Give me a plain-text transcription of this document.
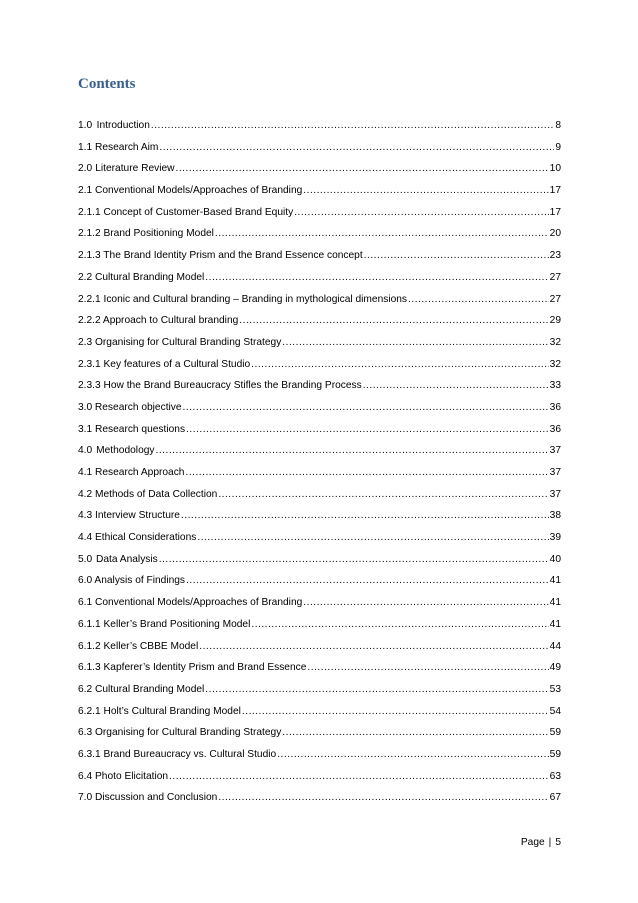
Contents
1.0 Introduction .....	8
1.1 Research Aim .....	9
2.0 Literature Review .....	10
2.1 Conventional Models/Approaches of Branding .....	17
2.1.1 Concept of Customer-Based Brand Equity .....	17
2.1.2 Brand Positioning Model .....	20
2.1.3 The Brand Identity Prism and the Brand Essence concept .....	23
2.2 Cultural Branding Model .....	27
2.2.1 Iconic and Cultural branding – Branding in mythological dimensions .....	27
2.2.2 Approach to Cultural branding .....	29
2.3 Organising for Cultural Branding Strategy .....	32
2.3.1 Key features of a Cultural Studio .....	32
2.3.3 How the Brand Bureaucracy Stifles the Branding Process .....	33
3.0 Research objective .....	36
3.1 Research questions .....	36
4.0 Methodology .....	37
4.1 Research Approach .....	37
4.2 Methods of Data Collection .....	37
4.3 Interview Structure .....	38
4.4 Ethical Considerations .....	39
5.0 Data Analysis .....	40
6.0 Analysis of Findings .....	41
6.1 Conventional Models/Approaches of Branding .....	41
6.1.1 Keller’s Brand Positioning Model .....	41
6.1.2 Keller’s CBBE Model .....	44
6.1.3 Kapferer’s Identity Prism and Brand Essence .....	49
6.2 Cultural Branding Model .....	53
6.2.1 Holt’s Cultural Branding Model .....	54
6.3 Organising for Cultural Branding Strategy .....	59
6.3.1 Brand Bureaucracy vs. Cultural Studio .....	59
6.4 Photo Elicitation .....	63
7.0 Discussion and Conclusion .....	67
Page | 5
